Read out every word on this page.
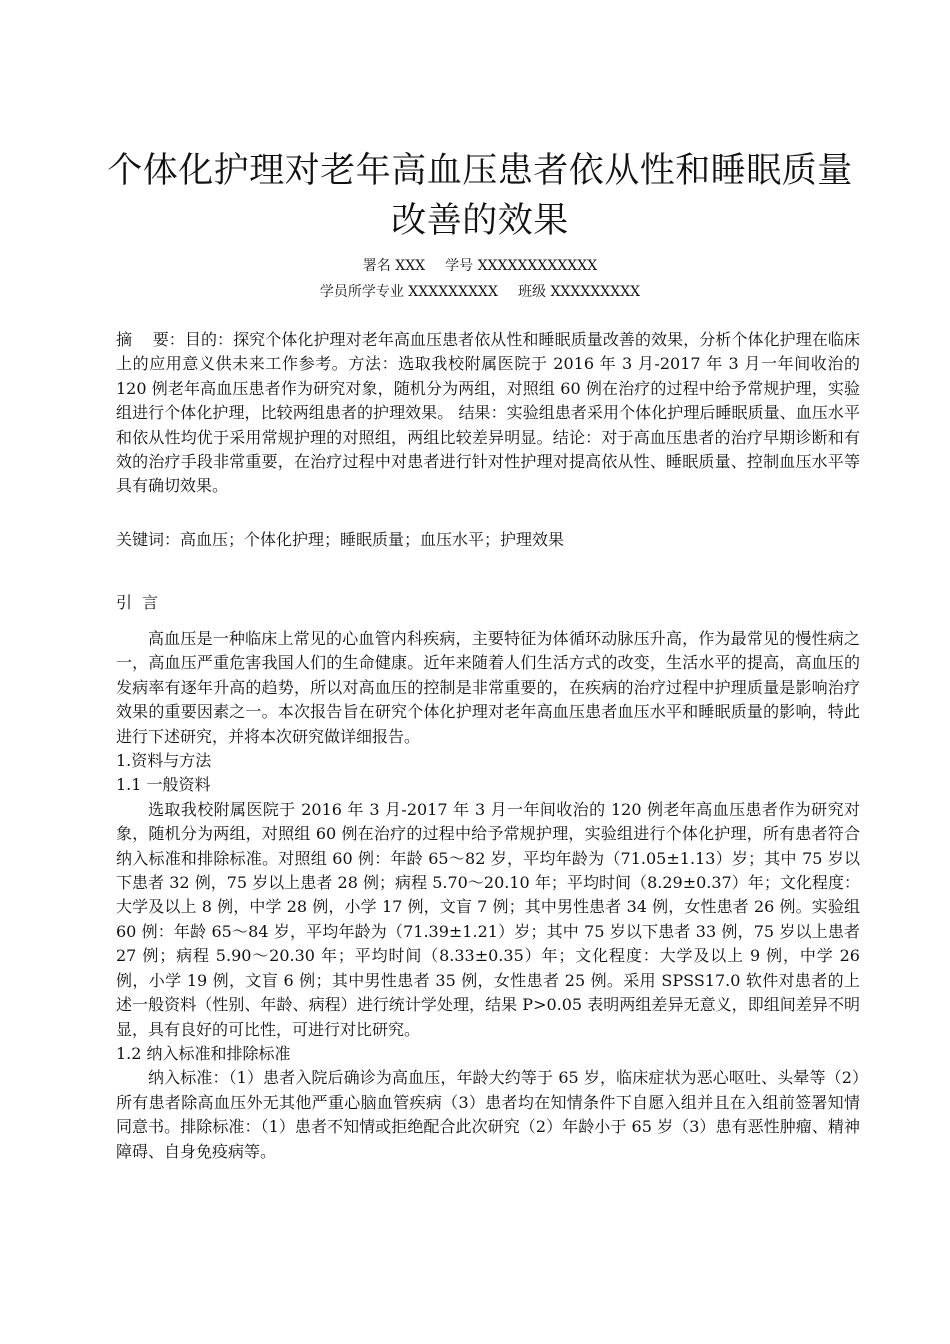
个体化护理对老年高血压患者依从性和睡眠质量
改善的效果
署名 XXX 学号 XXXXXXXXXXXX
学员所学专业 XXXXXXXXX 班级 XXXXXXXXX
摘    要：目的：探究个体化护理对老年高血压患者依从性和睡眠质量改善的效果，分析个体化护理在临床上的应用意义供未来工作参考。方法：选取我校附属医院于 2016 年 3 月-2017 年 3 月一年间收治的 120 例老年高血压患者作为研究对象，随机分为两组，对照组 60 例在治疗的过程中给予常规护理，实验组进行个体化护理，比较两组患者的护理效果。 结果：实验组患者采用个体化护理后睡眠质量、血压水平和依从性均优于采用常规护理的对照组，两组比较差异明显。结论：对于高血压患者的治疗早期诊断和有效的治疗手段非常重要，在治疗过程中对患者进行针对性护理对提高依从性、睡眠质量、控制血压水平等具有确切效果。
关键词：高血压；个体化护理；睡眠质量；血压水平；护理效果
引  言

高血压是一种临床上常见的心血管内科疾病，主要特征为体循环动脉压升高，作为最常见的慢性病之一，高血压严重危害我国人们的生命健康。近年来随着人们生活方式的改变，生活水平的提高，高血压的发病率有逐年升高的趋势，所以对高血压的控制是非常重要的，在疾病的治疗过程中护理质量是影响治疗效果的重要因素之一。本次报告旨在研究个体化护理对老年高血压患者血压水平和睡眠质量的影响，特此进行下述研究，并将本次研究做详细报告。

1.资料与方法

1.1 一般资料

选取我校附属医院于 2016 年 3 月-2017 年 3 月一年间收治的 120 例老年高血压患者作为研究对象，随机分为两组，对照组 60 例在治疗的过程中给予常规护理，实验组进行个体化护理，所有患者符合纳入标准和排除标准。对照组 60 例：年龄 65～82 岁，平均年龄为（71.05±1.13）岁；其中 75 岁以下患者 32 例，75 岁以上患者 28 例；病程 5.70～20.10 年；平均时间（8.29±0.37）年；文化程度：大学及以上 8 例，中学 28 例，小学 17 例，文盲 7 例；其中男性患者 34 例，女性患者 26 例。实验组 60 例：年龄 65～84 岁，平均年龄为（71.39±1.21）岁；其中 75 岁以下患者 33 例，75 岁以上患者 27 例；病程 5.90～20.30 年；平均时间（8.33±0.35）年；文化程度：大学及以上 9 例，中学 26 例，小学 19 例，文盲 6 例；其中男性患者 35 例，女性患者 25 例。采用 SPSS17.0 软件对患者的上述一般资料（性别、年龄、病程）进行统计学处理，结果 P>0.05 表明两组差异无意义，即组间差异不明显，具有良好的可比性，可进行对比研究。

1.2 纳入标准和排除标准

纳入标准：（1）患者入院后确诊为高血压，年龄大约等于 65 岁，临床症状为恶心呕吐、头晕等（2）所有患者除高血压外无其他严重心脑血管疾病（3）患者均在知情条件下自愿入组并且在入组前签署知情同意书。排除标准：（1）患者不知情或拒绝配合此次研究（2）年龄小于 65 岁（3）患有恶性肿瘤、精神障碍、自身免疫病等。
